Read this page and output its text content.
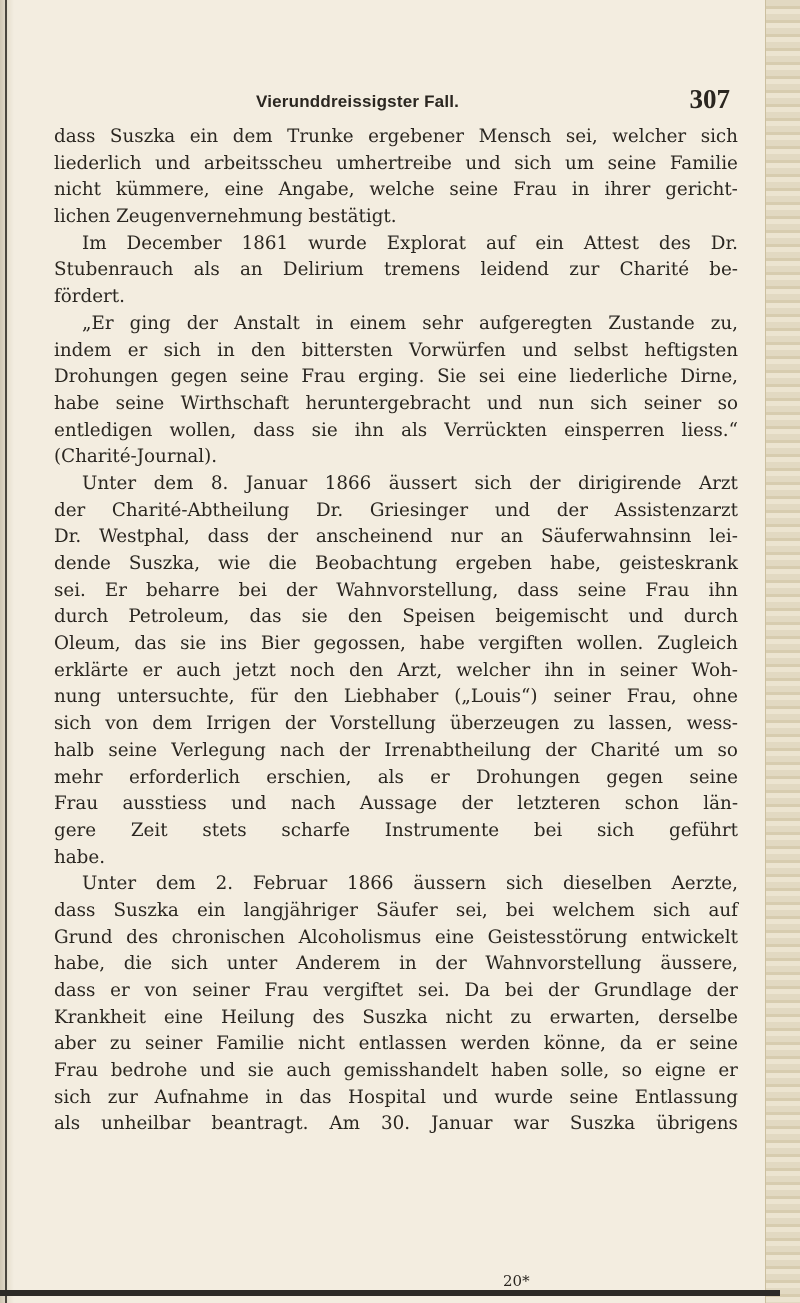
Vierunddreissigster Fall.	307
dass Suszka ein dem Trunke ergebener Mensch sei, welcher sich
liederlich und arbeitsscheu umhertreibe und sich um seine Familie
nicht kümmere, eine Angabe, welche seine Frau in ihrer gericht-
lichen Zeugenvernehmung bestätigt.
Im December 1861 wurde Explorat auf ein Attest des Dr.
Stubenrauch als an Delirium tremens leidend zur Charité be-
fördert.
„Er ging der Anstalt in einem sehr aufgeregten Zustande zu,
indem er sich in den bittersten Vorwürfen und selbst heftigsten
Drohungen gegen seine Frau erging. Sie sei eine liederliche Dirne,
habe seine Wirthschaft heruntergebracht und nun sich seiner so
entledigen wollen, dass sie ihn als Verrückten einsperren liess.“
(Charité-Journal).
Unter dem 8. Januar 1866 äussert sich der dirigirende Arzt
der Charité-Abtheilung Dr. Griesinger und der Assistenzarzt
Dr. Westphal, dass der anscheinend nur an Säuferwahnsinn lei-
dende Suszka, wie die Beobachtung ergeben habe, geisteskrank
sei. Er beharre bei der Wahnvorstellung, dass seine Frau ihn
durch Petroleum, das sie den Speisen beigemischt und durch
Oleum, das sie ins Bier gegossen, habe vergiften wollen. Zugleich
erklärte er auch jetzt noch den Arzt, welcher ihn in seiner Woh-
nung untersuchte, für den Liebhaber („Louis“) seiner Frau, ohne
sich von dem Irrigen der Vorstellung überzeugen zu lassen, wess-
halb seine Verlegung nach der Irrenabtheilung der Charité um so
mehr erforderlich erschien, als er Drohungen gegen seine
Frau ausstiess und nach Aussage der letzteren schon län-
gere Zeit stets scharfe Instrumente bei sich geführt
habe.
Unter dem 2. Februar 1866 äussern sich dieselben Aerzte,
dass Suszka ein langjähriger Säufer sei, bei welchem sich auf
Grund des chronischen Alcoholismus eine Geistesstörung entwickelt
habe, die sich unter Anderem in der Wahnvorstellung äussere,
dass er von seiner Frau vergiftet sei. Da bei der Grundlage der
Krankheit eine Heilung des Suszka nicht zu erwarten, derselbe
aber zu seiner Familie nicht entlassen werden könne, da er seine
Frau bedrohe und sie auch gemisshandelt haben solle, so eigne er
sich zur Aufnahme in das Hospital und wurde seine Entlassung
als unheilbar beantragt. Am 30. Januar war Suszka übrigens
20*
